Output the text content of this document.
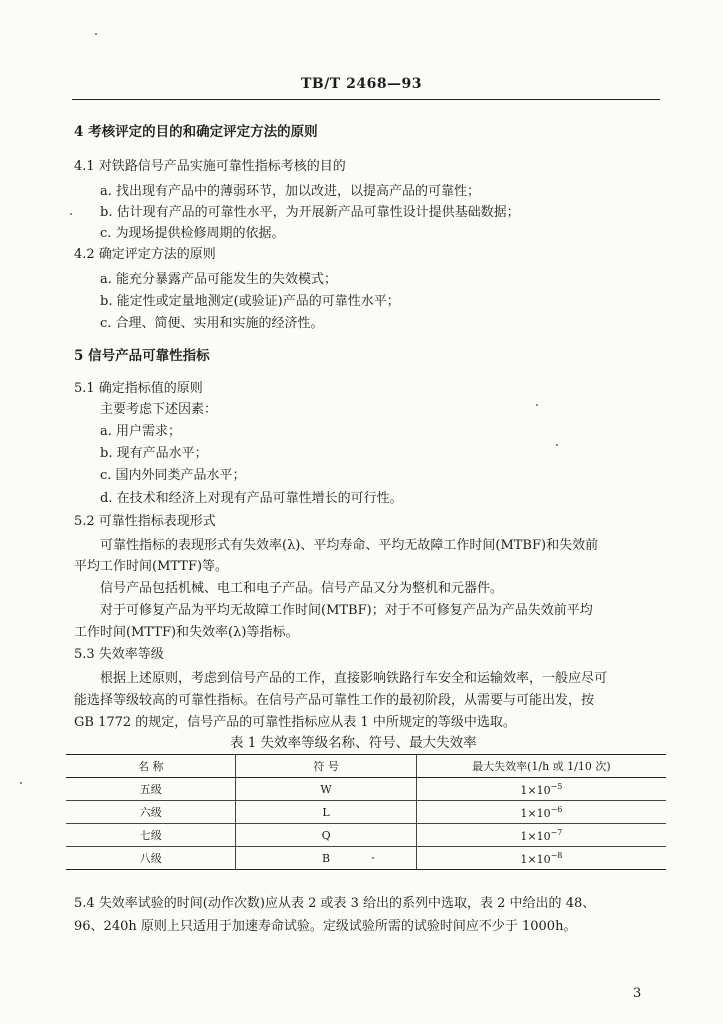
TB/T 2468—93
4 考核评定的目的和确定评定方法的原则
4.1 对铁路信号产品实施可靠性指标考核的目的
a. 找出现有产品中的薄弱环节，加以改进，以提高产品的可靠性；
b. 估计现有产品的可靠性水平，为开展新产品可靠性设计提供基础数据；
c. 为现场提供检修周期的依据。
4.2 确定评定方法的原则
a. 能充分暴露产品可能发生的失效模式；
b. 能定性或定量地测定(或验证)产品的可靠性水平；
c. 合理、简便、实用和实施的经济性。
5 信号产品可靠性指标
5.1 确定指标值的原则
主要考虑下述因素：
a. 用户需求；
b. 现有产品水平；
c. 国内外同类产品水平；
d. 在技术和经济上对现有产品可靠性增长的可行性。
5.2 可靠性指标表现形式
可靠性指标的表现形式有失效率(λ)、平均寿命、平均无故障工作时间(MTBF)和失效前
平均工作时间(MTTF)等。
信号产品包括机械、电工和电子产品。信号产品又分为整机和元器件。
对于可修复产品为平均无故障工作时间(MTBF)；对于不可修复产品为产品失效前平均
工作时间(MTTF)和失效率(λ)等指标。
5.3 失效率等级
根据上述原则，考虑到信号产品的工作，直接影响铁路行车安全和运输效率，一般应尽可
能选择等级较高的可靠性指标。在信号产品可靠性工作的最初阶段，从需要与可能出发，按
GB 1772 的规定，信号产品的可靠性指标应从表 1 中所规定的等级中选取。
表 1 失效率等级名称、符号、最大失效率
名 称	符 号	最大失效率(1/h 或 1/10 次)
五级	W	$1\times 10^{-5}$
六级	L	$1\times 10^{-6}$
七级	Q	$1\times 10^{-7}$
八级	B	$1\times 10^{-8}$
5.4 失效率试验的时间(动作次数)应从表 2 或表 3 给出的系列中选取，表 2 中给出的 48、
96、240h 原则上只适用于加速寿命试验。定级试验所需的试验时间应不少于 1000h。
3
